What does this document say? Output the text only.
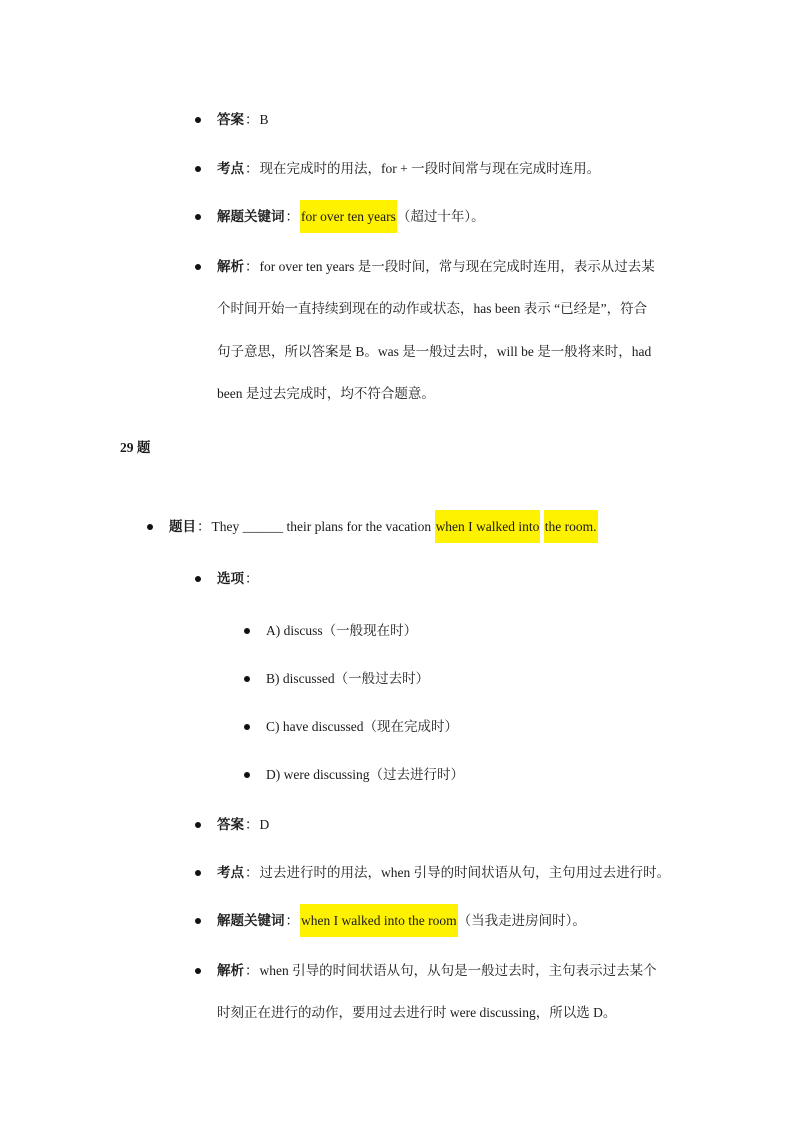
答案：B
考点：现在完成时的用法，for + 一段时间常与现在完成时连用。
解题关键词： for over ten years（超过十年）。
解析：for over ten years 是一段时间，常与现在完成时连用，表示从过去某
个时间开始一直持续到现在的动作或状态，has been 表示 “已经是”，符合
句子意思，所以答案是 B。was 是一般过去时，will be 是一般将来时，had
been 是过去完成时，均不符合题意。
29 题
题目：They ______ their plans for the vacation when I walked into the room.
选项：
A) discuss（一般现在时）
B) discussed（一般过去时）
C) have discussed（现在完成时）
D) were discussing（过去进行时）
答案：D
考点：过去进行时的用法，when 引导的时间状语从句，主句用过去进行时。
解题关键词： when I walked into the room（当我走进房间时）。
解析：when 引导的时间状语从句，从句是一般过去时，主句表示过去某个
时刻正在进行的动作，要用过去进行时 were discussing，所以选 D。
